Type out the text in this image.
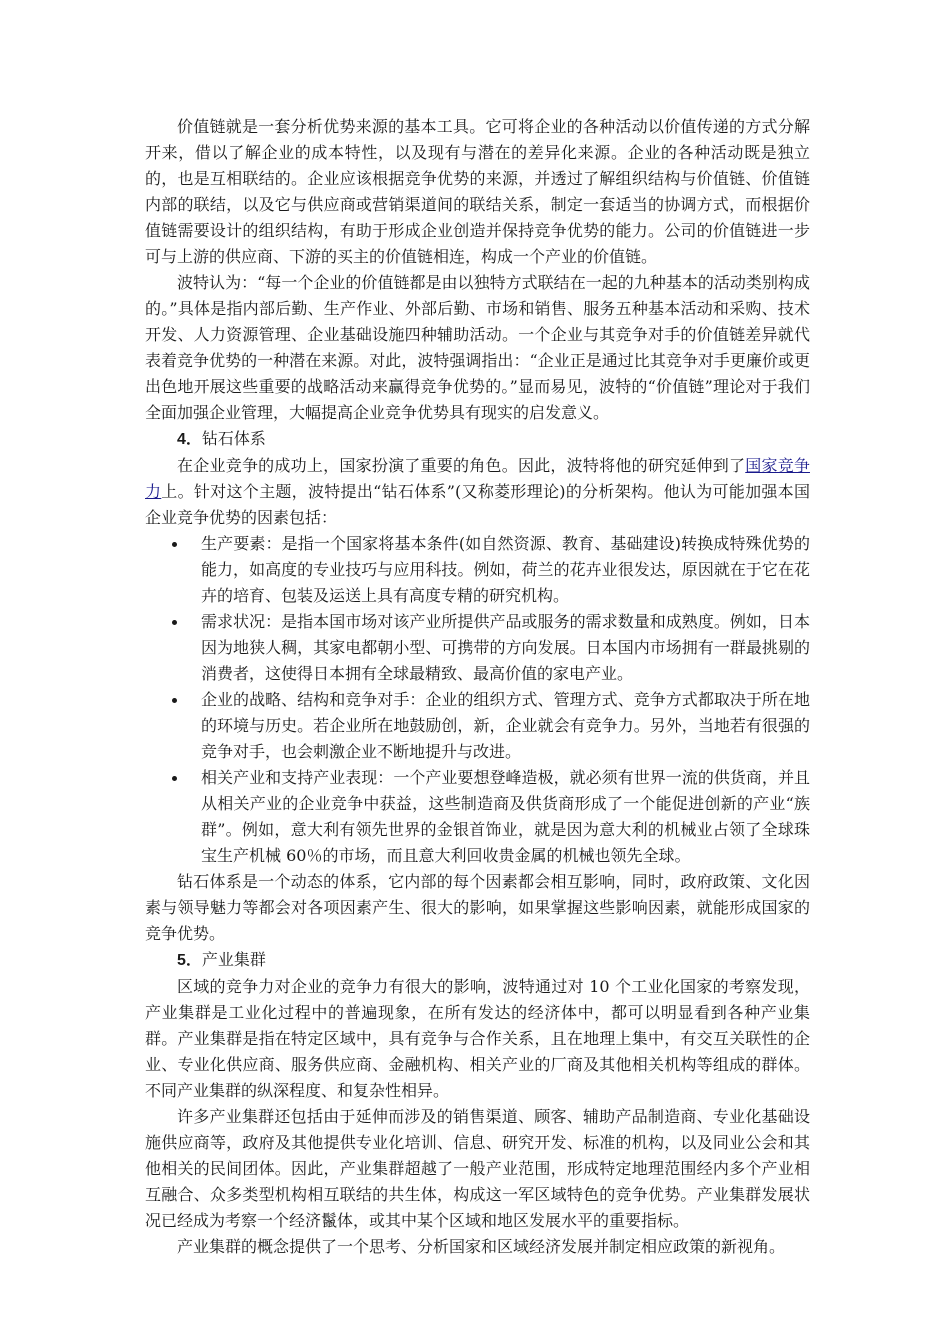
价值链就是一套分析优势来源的基本工具。它可将企业的各种活动以价值传递的方式分解开来，借以了解企业的成本特性，以及现有与潜在的差异化来源。企业的各种活动既是独立的，也是互相联结的。企业应该根据竞争优势的来源，并透过了解组织结构与价值链、价值链内部的联结，以及它与供应商或营销渠道间的联结关系，制定一套适当的协调方式，而根据价值链需要设计的组织结构，有助于形成企业创造并保持竞争优势的能力。公司的价值链进一步可与上游的供应商、下游的买主的价值链相连，构成一个产业的价值链。

波特认为：“每一个企业的价值链都是由以独特方式联结在一起的九种基本的活动类别构成的。”具体是指内部后勤、生产作业、外部后勤、市场和销售、服务五种基本活动和采购、技术开发、人力资源管理、企业基础设施四种辅助活动。一个企业与其竞争对手的价值链差异就代表着竞争优势的一种潜在来源。对此，波特强调指出：“企业正是通过比其竞争对手更廉价或更出色地开展这些重要的战略活动来赢得竞争优势的。”显而易见，波特的“价值链”理论对于我们全面加强企业管理，大幅提高企业竞争优势具有现实的启发意义。

4．钻石体系

在企业竞争的成功上，国家扮演了重要的角色。因此，波特将他的研究延伸到了国家竞争力上。针对这个主题，波特提出“钻石体系”(又称菱形理论)的分析架构。他认为可能加强本国企业竞争优势的因素包括：

生产要素：是指一个国家将基本条件(如自然资源、教育、基础建设)转换成特殊优势的能力，如高度的专业技巧与应用科技。例如，荷兰的花卉业很发达，原因就在于它在花卉的培育、包装及运送上具有高度专精的研究机构。
需求状况：是指本国市场对该产业所提供产品或服务的需求数量和成熟度。例如，日本因为地狭人稠，其家电都朝小型、可携带的方向发展。日本国内市场拥有一群最挑剔的消费者，这使得日本拥有全球最精致、最高价值的家电产业。
企业的战略、结构和竞争对手：企业的组织方式、管理方式、竞争方式都取决于所在地的环境与历史。若企业所在地鼓励创，新，企业就会有竞争力。另外，当地若有很强的竞争对手，也会刺激企业不断地提升与改进。
相关产业和支持产业表现：一个产业要想登峰造极，就必须有世界一流的供货商，并且从相关产业的企业竞争中获益，这些制造商及供货商形成了一个能促进创新的产业“族群”。例如，意大利有领先世界的金银首饰业，就是因为意大利的机械业占领了全球珠宝生产机械 60％的市场，而且意大利回收贵金属的机械也领先全球。

钻石体系是一个动态的体系，它内部的每个因素都会相互影响，同时，政府政策、文化因素与领导魅力等都会对各项因素产生、很大的影响，如果掌握这些影响因素，就能形成国家的竞争优势。

5．产业集群

区域的竞争力对企业的竞争力有很大的影响，波特通过对 10 个工业化国家的考察发现，产业集群是工业化过程中的普遍现象，在所有发达的经济体中，都可以明显看到各种产业集群。产业集群是指在特定区域中，具有竞争与合作关系，且在地理上集中，有交互关联性的企业、专业化供应商、服务供应商、金融机构、相关产业的厂商及其他相关机构等组成的群体。不同产业集群的纵深程度、和复杂性相异。

许多产业集群还包括由于延伸而涉及的销售渠道、顾客、辅助产品制造商、专业化基础设施供应商等，政府及其他提供专业化培训、信息、研究开发、标准的机构，以及同业公会和其他相关的民间团体。因此，产业集群超越了一般产业范围，形成特定地理范围经内多个产业相互融合、众多类型机构相互联结的共生体，构成这一军区域特色的竞争优势。产业集群发展状况已经成为考察一个经济鬣体，或其中某个区域和地区发展水平的重要指标。

产业集群的概念提供了一个思考、分析国家和区域经济发展并制定相应政策的新视角。
